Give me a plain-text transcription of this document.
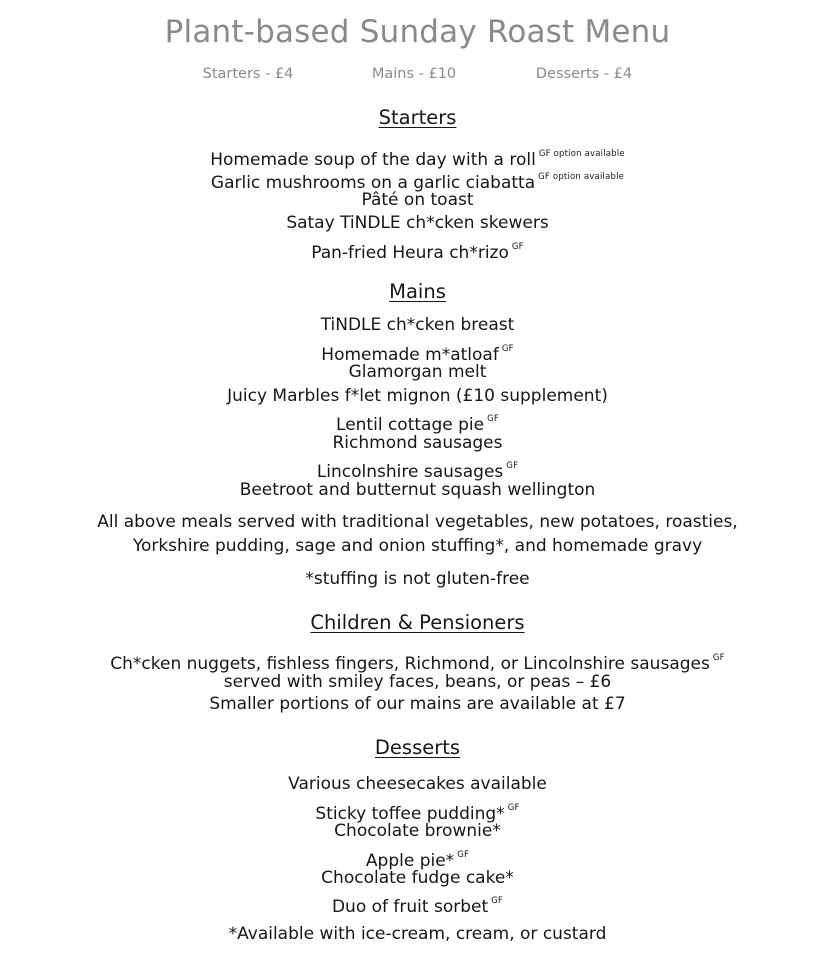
Plant-based Sunday Roast Menu
Starters - £4	Mains - £10	Desserts - £4
Starters
Homemade soup of the day with a roll $^{GF option available}$
Garlic mushrooms on a garlic ciabatta $^{GF option available}$
Pâté on toast
Satay TiNDLE ch*cken skewers
Pan-fried Heura ch*rizo $^{GF}$
Mains
TiNDLE ch*cken breast
Homemade m*atloaf $^{GF}$
Glamorgan melt
Juicy Marbles f*let mignon (£10 supplement)
Lentil cottage pie $^{GF}$
Richmond sausages
Lincolnshire sausages $^{GF}$
Beetroot and butternut squash wellington
All above meals served with traditional vegetables, new potatoes, roasties,
Yorkshire pudding, sage and onion stuffing*, and homemade gravy
*stuffing is not gluten-free
Children & Pensioners
Ch*cken nuggets, fishless fingers, Richmond, or Lincolnshire sausages $^{GF}$
served with smiley faces, beans, or peas – £6
Smaller portions of our mains are available at £7
Desserts
Various cheesecakes available
Sticky toffee pudding* $^{GF}$
Chocolate brownie*
Apple pie* $^{GF}$
Chocolate fudge cake*
Duo of fruit sorbet $^{GF}$
*Available with ice-cream, cream, or custard
